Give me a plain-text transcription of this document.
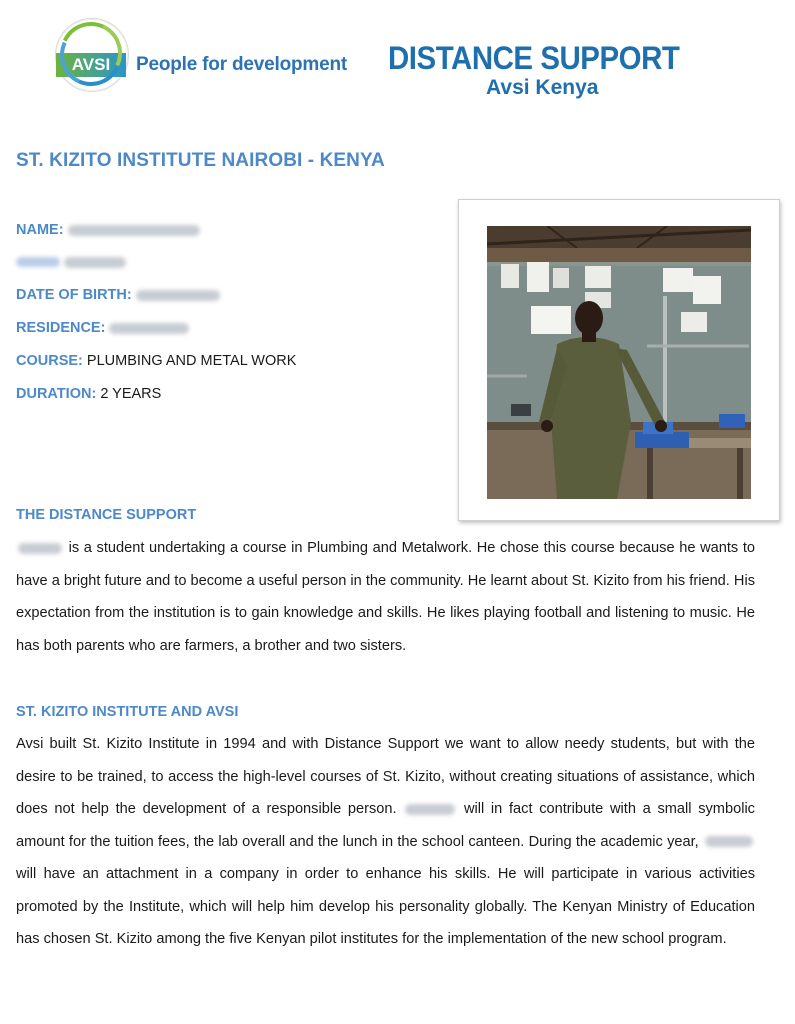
AVSI	People for development DISTANCE SUPPORT
Avsi Kenya
ST. KIZITO INSTITUTE NAIROBI - KENYA
NAME:
DATE OF BIRTH:
RESIDENCE:
COURSE: PLUMBING AND METAL WORK
DURATION: 2 YEARS
THE DISTANCE SUPPORT
is a student undertaking a course in Plumbing and Metalwork. He chose this course because he wants to have a bright future and to become a useful person in the community. He learnt about St. Kizito from his friend. His expectation from the institution is to gain knowledge and skills. He likes playing football and listening to music. He has both parents who are farmers, a brother and two sisters.
ST. KIZITO INSTITUTE AND AVSI
Avsi built St. Kizito Institute in 1994 and with Distance Support we want to allow needy students, but with the desire to be trained, to access the high-level courses of St. Kizito, without creating situations of assistance, which does not help the development of a responsible person.	will in fact contribute with a small symbolic amount for the tuition fees, the lab overall and the lunch in the school canteen. During the academic year,  will have an attachment in a company in order to enhance his skills. He will participate in various activities promoted by the Institute, which will help him develop his personality globally. The Kenyan Ministry of Education has chosen St. Kizito among the five Kenyan pilot institutes for the implementation of the new school program.
